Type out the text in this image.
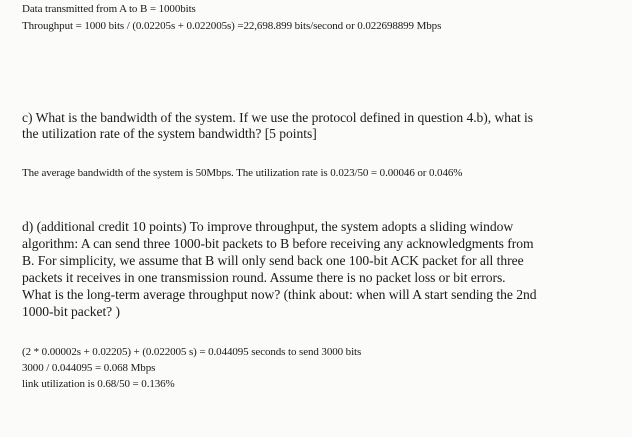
Data transmitted from A to B = 1000bits
Throughput = 1000 bits / (0.02205s + 0.022005s) =22,698.899 bits/second or 0.022698899 Mbps
c) What is the bandwidth of the system. If we use the protocol defined in question 4.b), what is
the utilization rate of the system bandwidth? [5 points]
The average bandwidth of the system is 50Mbps. The utilization rate is 0.023/50 = 0.00046 or 0.046%
d) (additional credit 10 points) To improve throughput, the system adopts a sliding window
algorithm: A can send three 1000-bit packets to B before receiving any acknowledgments from
B. For simplicity, we assume that B will only send back one 100-bit ACK packet for all three
packets it receives in one transmission round. Assume there is no packet loss or bit errors.
What is the long-term average throughput now? (think about: when will A start sending the 2nd
1000-bit packet? )
(2 * 0.00002s + 0.02205) + (0.022005 s) = 0.044095 seconds to send 3000 bits
3000 / 0.044095 = 0.068 Mbps
link utilization is 0.68/50 = 0.136%
